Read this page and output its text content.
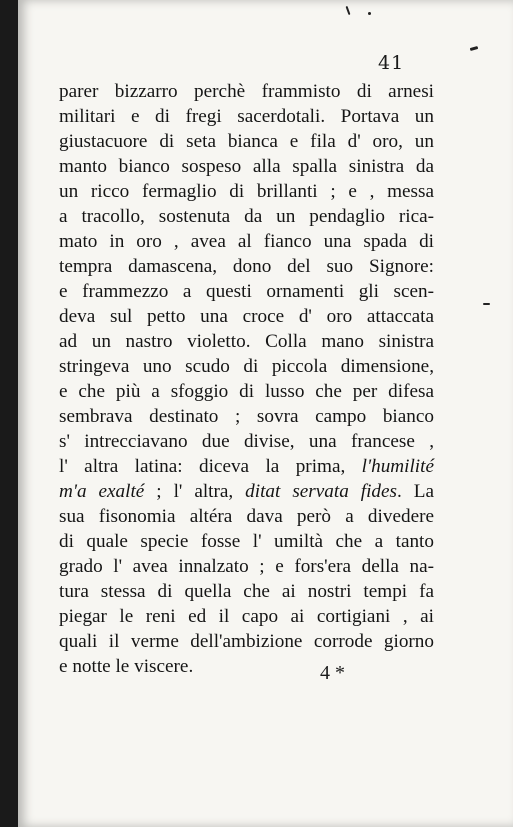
41
parer bizzarro perchè frammisto di arnesi
militari e di fregi sacerdotali. Portava un
giustacuore di seta bianca e fila d' oro, un
manto bianco sospeso alla spalla sinistra da
un ricco fermaglio di brillanti ; e , messa
a tracollo, sostenuta da un pendaglio rica-
mato in oro , avea al fianco una spada di
tempra damascena, dono del suo Signore:
e frammezzo a questi ornamenti gli scen-
deva sul petto una croce d' oro attaccata
ad un nastro violetto. Colla mano sinistra
stringeva uno scudo di piccola dimensione,
e che più a sfoggio di lusso che per difesa
sembrava destinato ; sovra campo bianco
s' intrecciavano due divise, una francese ,
l' altra latina: diceva la prima, l'humilité
m'a exalté ; l' altra, ditat servata fides. La
sua fisonomia altéra dava però a divedere
di quale specie fosse l' umiltà che a tanto
grado l' avea innalzato ; e fors'era della na-
tura stessa di quella che ai nostri tempi fa
piegar le reni ed il capo ai cortigiani , ai
quali il verme dell'ambizione corrode giorno
e notte le viscere.	4 *
